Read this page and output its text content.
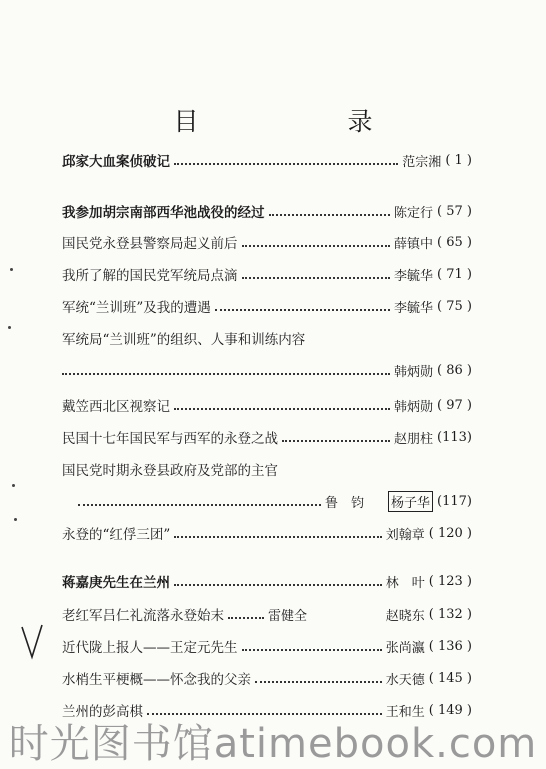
目　录
邱家大血案侦破记	范宗湘 ( 1 )
我参加胡宗南部西华池战役的经过	陈定行 ( 57 )
国民党永登县警察局起义前后	薛镇中 ( 65 )
我所了解的国民党军统局点滴	李毓华 ( 71 )
军统“兰训班”及我的遭遇	李毓华 ( 75 )
军统局“兰训班”的组织、人事和训练内容
韩炳勋 ( 86 )
戴笠西北区视察记	韩炳勋 ( 97 )
民国十七年国民军与西军的永登之战	赵朋柱 (113)
国民党时期永登县政府及党部的主官
鲁　钧 杨子华 (117)
永登的“红俘三团”	刘翰章 ( 120 )
蒋嘉庚先生在兰州	林　叶 ( 123 )
老红军吕仁礼流落永登始末	雷健全	赵晓东 ( 132 )
近代陇上报人——王定元先生	张尚瀛 ( 136 )
水梢生平梗概——怀念我的父亲	水天德 ( 145 )
兰州的彭高棋	王和生 ( 149 )
时光图书馆atimebook.com
